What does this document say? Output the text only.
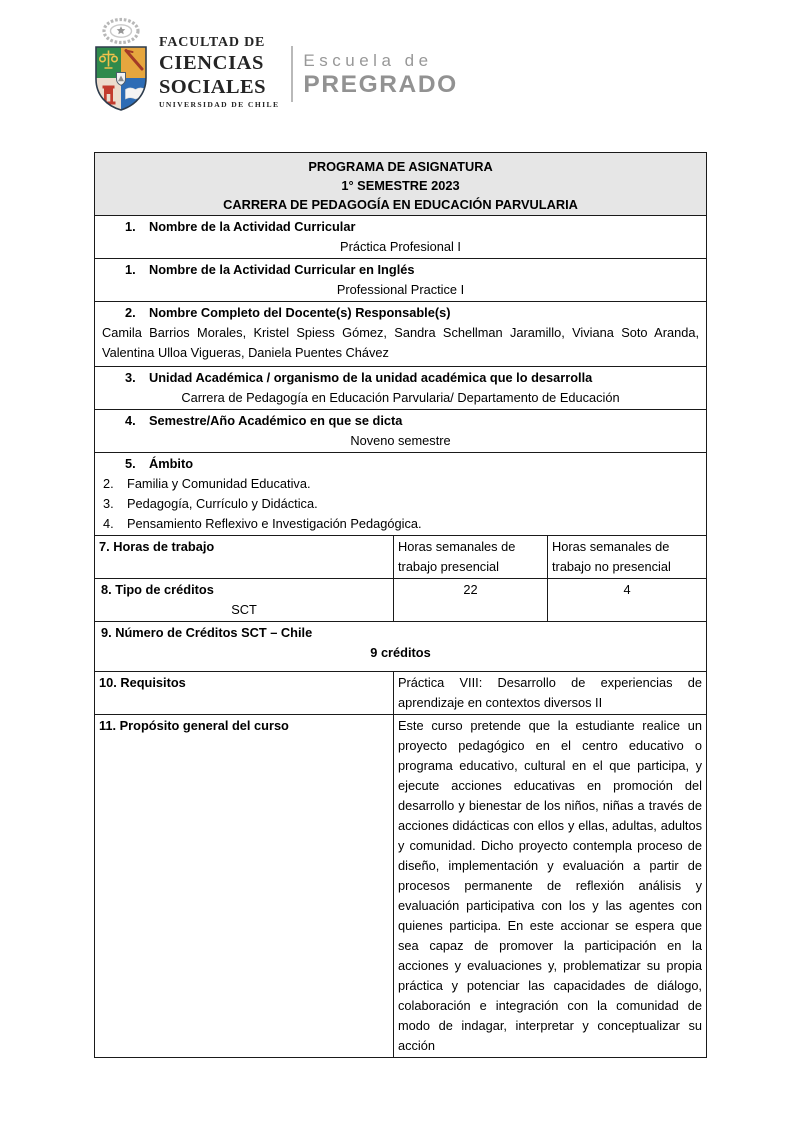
FACULTAD DE
CIENCIAS
SOCIALES
UNIVERSIDAD DE CHILE
Escuela de
PREGRADO
PROGRAMA DE ASIGNATURA
1° SEMESTRE 2023
CARRERA DE PEDAGOGÍA EN EDUCACIÓN PARVULARIA		

1. Nombre de la Actividad Curricular
Práctica Profesional I		

1. Nombre de la Actividad Curricular en Inglés
Professional Practice I		

2. Nombre Completo del Docente(s) Responsable(s)
Camila Barrios Morales, Kristel Spiess Gómez, Sandra Schellman Jaramillo, Viviana Soto Aranda, Valentina Ulloa Vigueras, Daniela Puentes Chávez		

3. Unidad Académica / organismo de la unidad académica que lo desarrolla
Carrera de Pedagogía en Educación Parvularia/ Departamento de Educación		

4. Semestre/Año Académico en que se dicta
Noveno semestre		

5. Ámbito
2. Familia y Comunidad Educativa.
3. Pedagogía, Currículo y Didáctica.
4. Pensamiento Reflexivo e Investigación Pedagógica.		

7. Horas de trabajo	Horas semanales de trabajo presencial	Horas semanales de trabajo no presencial

8. Tipo de créditos
SCT	22	4

9. Número de Créditos SCT – Chile
9 créditos		

10. Requisitos	Práctica VIII: Desarrollo de experiencias de aprendizaje en contextos diversos II	
11. Propósito general del curso	Este curso pretende que la estudiante realice un proyecto pedagógico en el centro educativo o programa educativo, cultural en el que participa, y ejecute acciones educativas en promoción del desarrollo y bienestar de los niños, niñas a través de acciones didácticas con ellos y ellas, adultas, adultos y comunidad. Dicho proyecto contempla proceso de diseño, implementación y evaluación a partir de procesos permanente de reflexión análisis y evaluación participativa con los y las agentes con quienes participa. En este accionar se espera que sea capaz de promover la participación en la acciones y evaluaciones y, problematizar su propia práctica y potenciar las capacidades de diálogo, colaboración e integración con la comunidad de modo de indagar, interpretar y conceptualizar su acción	
